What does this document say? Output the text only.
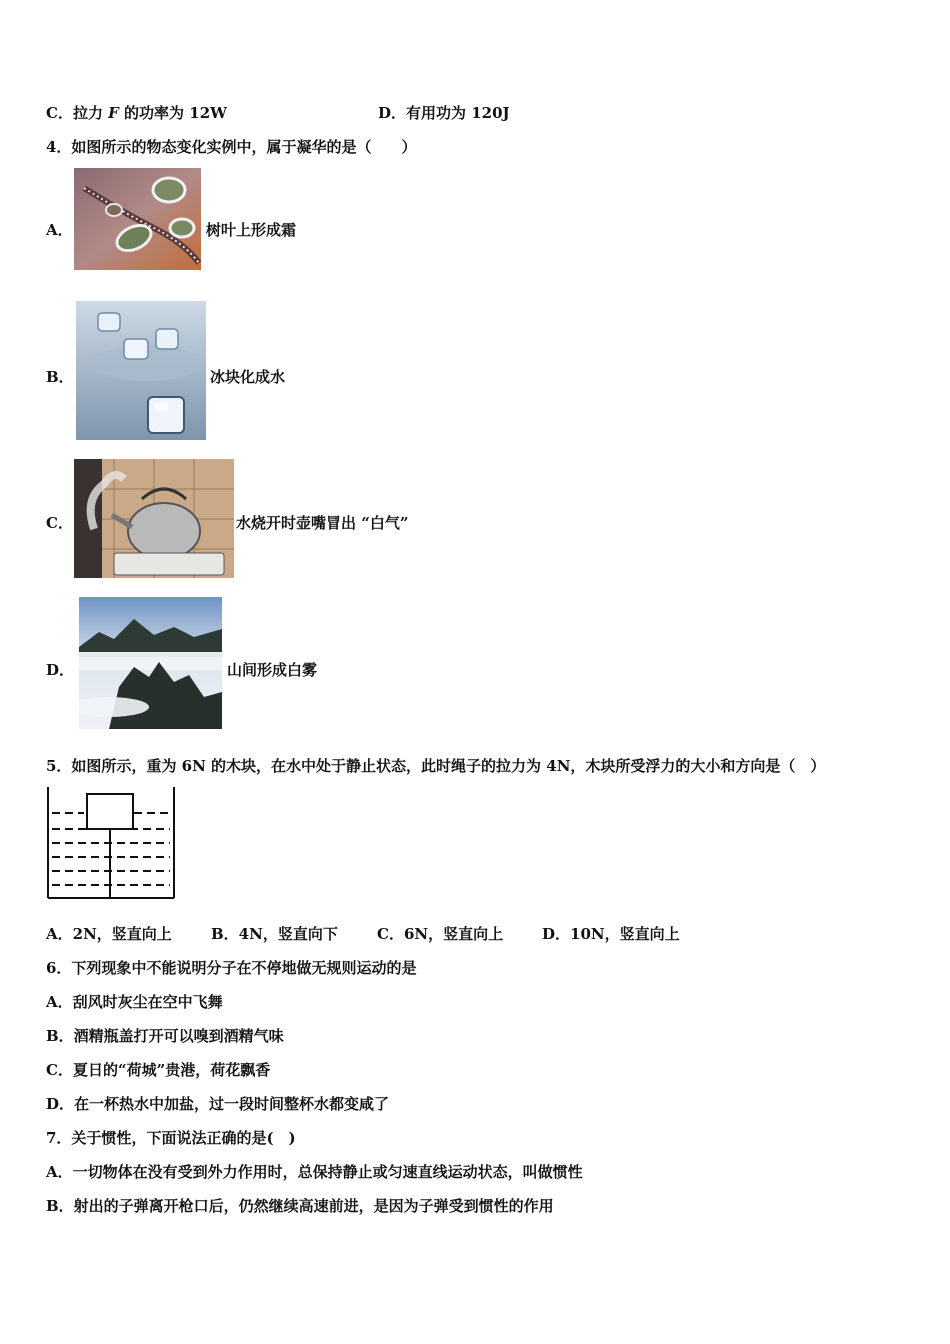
C．拉力 F 的功率为 12W	D．有用功为 120J
4．如图所示的物态变化实例中，属于凝华的是（　　）
A．	树叶上形成霜
B．	冰块化成水
C．	水烧开时壶嘴冒出 “白气”
D．	山间形成白雾
5．如图所示，重为 6N 的木块，在水中处于静止状态，此时绳子的拉力为 4N，木块所受浮力的大小和方向是（　）
A．2N，竖直向上	B．4N，竖直向下	C．6N，竖直向上	D．10N，竖直向上
6．下列现象中不能说明分子在不停地做无规则运动的是
A．刮风时灰尘在空中飞舞
B．酒精瓶盖打开可以嗅到酒精气味
C．夏日的“荷城”贵港，荷花飘香
D．在一杯热水中加盐，过一段时间整杯水都变咸了
7．关于惯性，下面说法正确的是(　)
A．一切物体在没有受到外力作用时，总保持静止或匀速直线运动状态，叫做惯性
B．射出的子弹离开枪口后，仍然继续高速前进，是因为子弹受到惯性的作用
